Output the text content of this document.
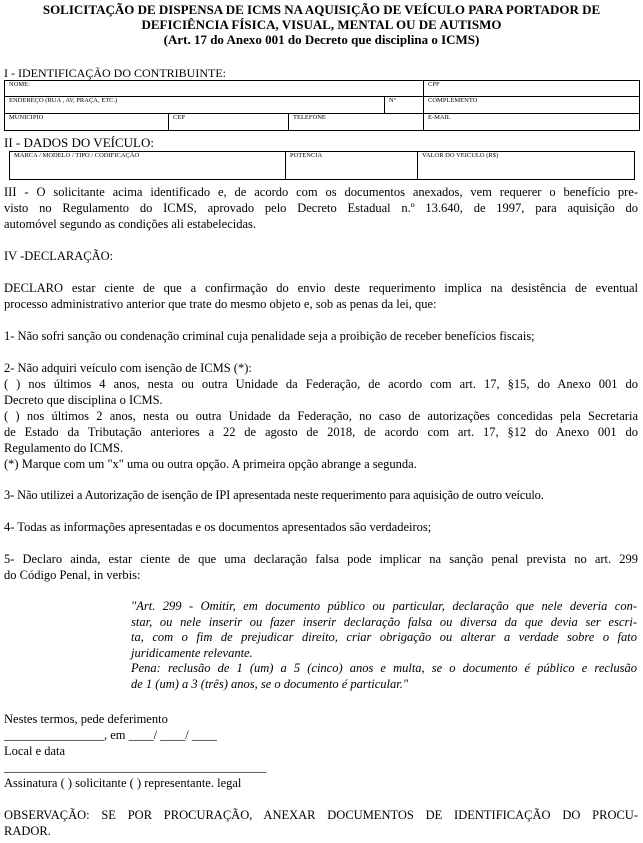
SOLICITAÇÃO DE DISPENSA DE ICMS NA AQUISIÇÃO DE VEÍCULO PARA PORTADOR DE
DEFICIÊNCIA FÍSICA, VISUAL, MENTAL OU DE AUTISMO
(Art. 17 do Anexo 001 do Decreto que disciplina o ICMS)
I - IDENTIFICAÇÃO DO CONTRIBUINTE:
NOME:				CPF
ENDEREÇO (RUA , AV, PRAÇA, ETC.)			Nº	COMPLEMENTO
MUNICIPIO	CEP	TELEFONE		E-MAIL
II - DADOS DO VEÍCULO:
MARCA / MODELO / TIPO / CODIFICAÇÃO	POTENCIA	VALOR DO VEICULO (R$)
III - O solicitante acima identificado e, de acordo com os documentos anexados, vem requerer o benefício pre-
visto no Regulamento do ICMS, aprovado pelo Decreto Estadual n.º 13.640, de 1997, para aquisição do
automóvel segundo as condições ali estabelecidas.
IV -DECLARAÇÃO:
DECLARO estar ciente de que a confirmação do envio deste requerimento implica na desistência de eventual
processo administrativo anterior que trate do mesmo objeto e, sob as penas da lei, que:
1- Não sofri sanção ou condenação criminal cuja penalidade seja a proibição de receber benefícios fiscais;
2- Não adquiri veículo com isenção de ICMS (*):
( ) nos últimos 4 anos, nesta ou outra Unidade da Federação, de acordo com art. 17, §15, do Anexo 001 do
Decreto que disciplina o ICMS.
( ) nos últimos 2 anos, nesta ou outra Unidade da Federação, no caso de autorizações concedidas pela Secretaria
de Estado da Tributação anteriores a 22 de agosto de 2018, de acordo com art. 17, §12 do Anexo 001 do
Regulamento do ICMS.
(*) Marque com um "x" uma ou outra opção. A primeira opção abrange a segunda.
3- Não utilizei a Autorização de isenção de IPI apresentada neste requerimento para aquisição de outro veículo.
4- Todas as informações apresentadas e os documentos apresentados são verdadeiros;
5- Declaro ainda, estar ciente de que uma declaração falsa pode implicar na sanção penal prevista no art. 299
do Código Penal, in verbis:
"Art. 299 - Omitir, em documento público ou particular, declaração que nele deveria con-
star, ou nele inserir ou fazer inserir declaração falsa ou diversa da que devia ser escri-
ta, com o fim de prejudicar direito, criar obrigação ou alterar a verdade sobre o fato
juridicamente relevante.
Pena: reclusão de 1 (um) a 5 (cinco) anos e multa, se o documento é público e reclusão
de 1 (um) a 3 (três) anos, se o documento é particular."
Nestes termos, pede deferimento
________________, em ____/ ____/ ____
Local e data
__________________________________________
Assinatura ( ) solicitante ( ) representante. legal
OBSERVAÇÃO: SE POR PROCURAÇÃO, ANEXAR DOCUMENTOS DE IDENTIFICAÇÃO DO PROCU-
RADOR.
